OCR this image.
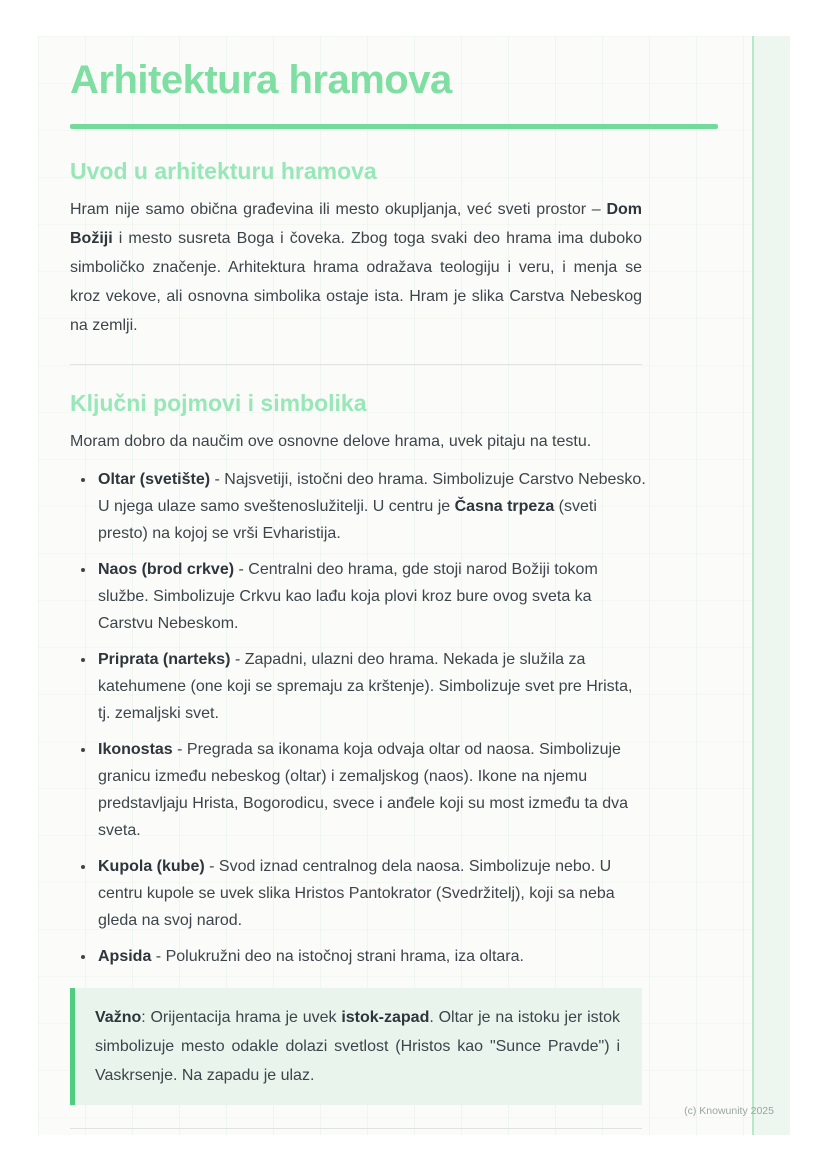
Arhitektura hramova
Uvod u arhitekturu hramova

Hram nije samo obična građevina ili mesto okupljanja, već sveti prostor – Dom Božiji i mesto susreta Boga i čoveka. Zbog toga svaki deo hrama ima duboko simboličko značenje. Arhitektura hrama odražava teologiju i veru, i menja se kroz vekove, ali osnovna simbolika ostaje ista. Hram je slika Carstva Nebeskog na zemlji.

Ključni pojmovi i simbolika

Moram dobro da naučim ove osnovne delove hrama, uvek pitaju na testu.

• Oltar (svetište) - Najsvetiji, istočni deo hrama. Simbolizuje Carstvo Nebesko. U njega ulaze samo sveštenoslužitelji. U centru je Časna trpeza (sveti presto) na kojoj se vrši Evharistija.
• Naos (brod crkve) - Centralni deo hrama, gde stoji narod Božiji tokom službe. Simbolizuje Crkvu kao lađu koja plovi kroz bure ovog sveta ka Carstvu Nebeskom.
• Priprata (narteks) - Zapadni, ulazni deo hrama. Nekada je služila za katehumene (one koji se spremaju za krštenje). Simbolizuje svet pre Hrista, tj. zemaljski svet.
• Ikonostas - Pregrada sa ikonama koja odvaja oltar od naosa. Simbolizuje granicu između nebeskog (oltar) i zemaljskog (naos). Ikone na njemu predstavljaju Hrista, Bogorodicu, svece i anđele koji su most između ta dva sveta.
• Kupola (kube) - Svod iznad centralnog dela naosa. Simbolizuje nebo. U centru kupole se uvek slika Hristos Pantokrator (Svedržitelj), koji sa neba gleda na svoj narod.
• Apsida - Polukružni deo na istočnoj strani hrama, iza oltara.
Važno: Orijentacija hrama je uvek istok-zapad. Oltar je na istoku jer istok simbolizuje mesto odakle dolazi svetlost (Hristos kao "Sunce Pravde") i Vaskrsenje. Na zapadu je ulaz.
(c) Knowunity 2025
